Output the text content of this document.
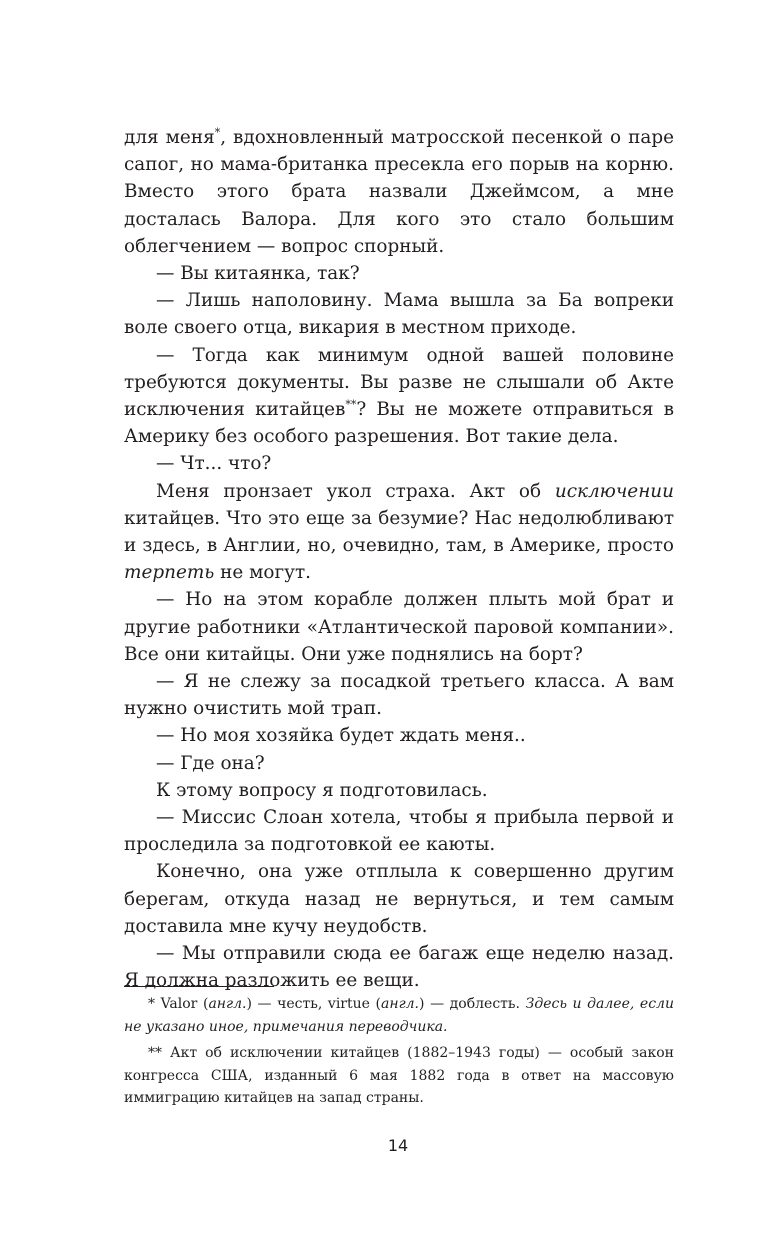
для меня*, вдохновленный матросской песенкой о паре сапог, но мама-британка пресекла его порыв на корню. Вместо этого брата назвали Джеймсом, а мне досталась Валора. Для кого это стало большим облегчением — вопрос спорный.

— Вы китаянка, так?

— Лишь наполовину. Мама вышла за Ба вопреки воле своего отца, викария в местном приходе.

— Тогда как минимум одной вашей половине требуются документы. Вы разве не слышали об Акте исключения китайцев**? Вы не можете отправиться в Америку без особого разрешения. Вот такие дела.

— Чт... что?

Меня пронзает укол страха. Акт об исключении китайцев. Что это еще за безумие? Нас недолюбливают и здесь, в Англии, но, очевидно, там, в Америке, просто терпеть не могут.

— Но на этом корабле должен плыть мой брат и другие работники «Атлантической паровой компании». Все они китайцы. Они уже поднялись на борт?

— Я не слежу за посадкой третьего класса. А вам нужно очистить мой трап.

— Но моя хозяйка будет ждать меня..

— Где она?

К этому вопросу я подготовилась.

— Миссис Слоан хотела, чтобы я прибыла первой и проследила за подготовкой ее каюты.

Конечно, она уже отплыла к совершенно другим берегам, откуда назад не вернуться, и тем самым доставила мне кучу неудобств.

— Мы отправили сюда ее багаж еще неделю назад. Я должна разложить ее вещи.

* Valor (англ.) — честь, virtue (англ.) — доблесть. Здесь и далее, если не указано иное, примечания переводчика.

** Акт об исключении китайцев (1882–1943 годы) — особый закон конгресса США, изданный 6 мая 1882 года в ответ на массовую иммиграцию китайцев на запад страны.

14
